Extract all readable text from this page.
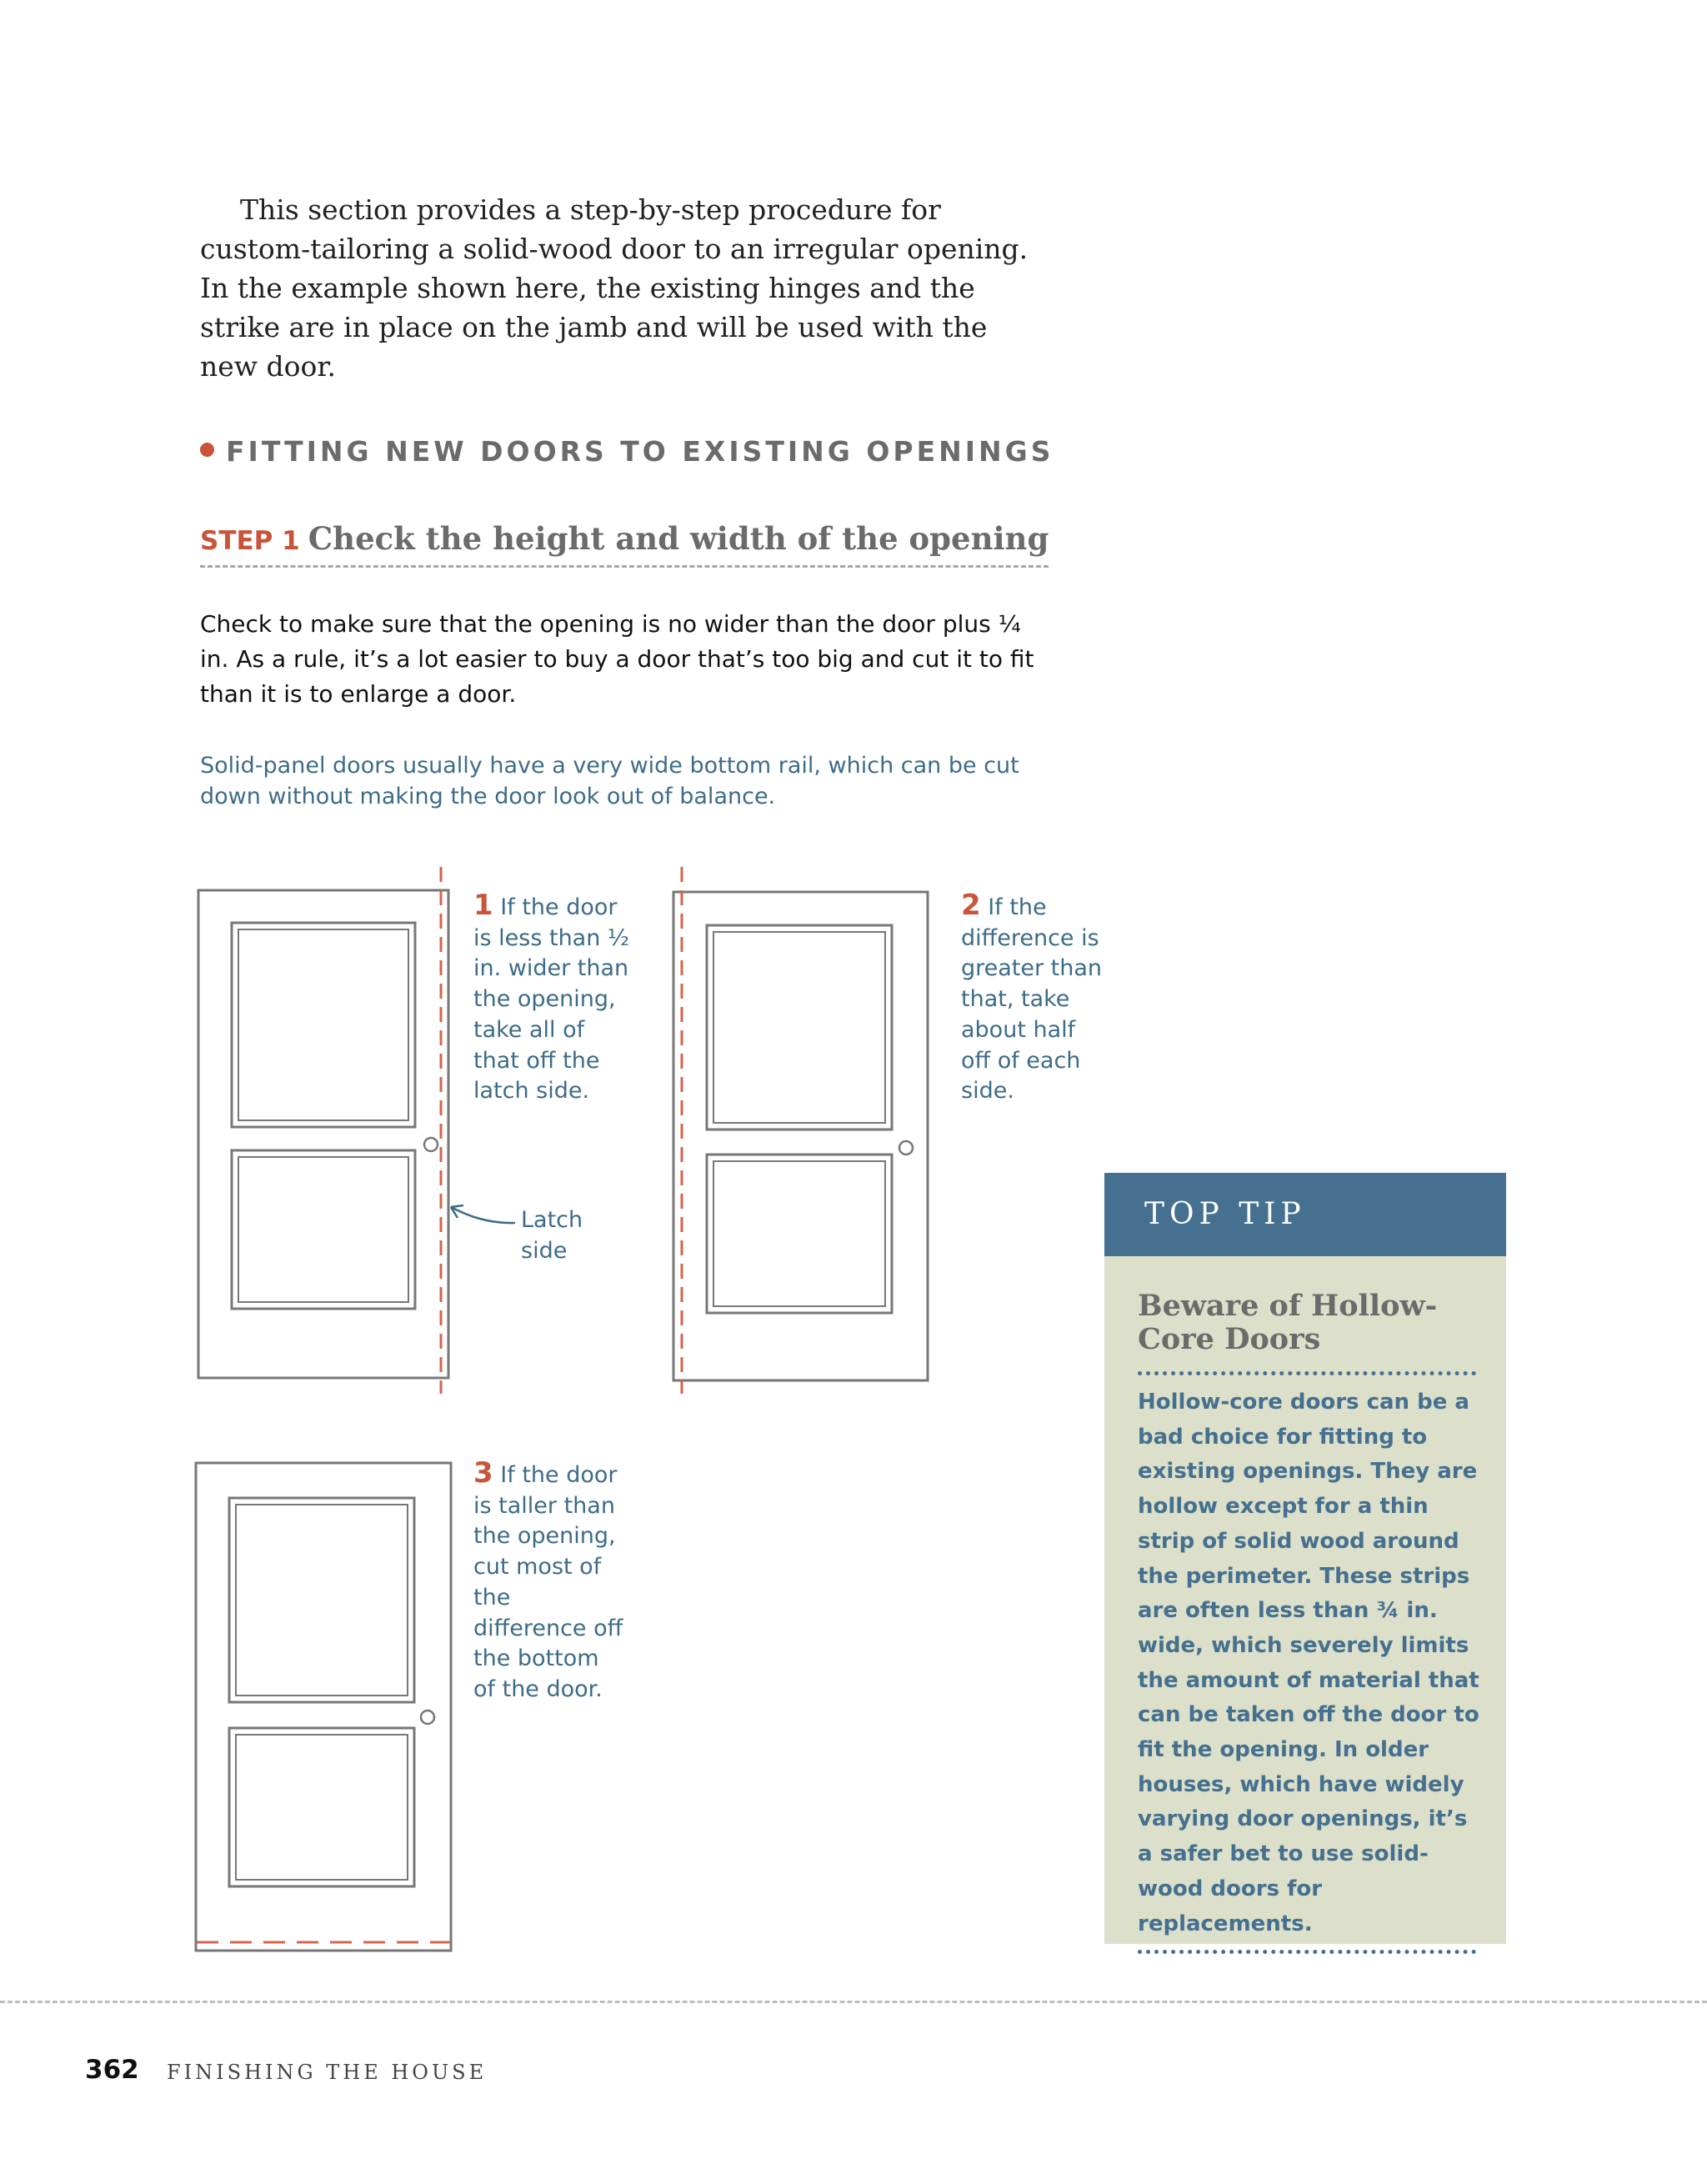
This section provides a step-by-step procedure for custom-tailoring a solid-wood door to an irregular opening. In the example shown here, the existing hinges and the strike are in place on the jamb and will be used with the new door.

FITTING NEW DOORS TO EXISTING OPENINGS
STEP 1 Check the height and width of the opening

Check to make sure that the opening is no wider than the door plus ¼ in. As a rule, it’s a lot easier to buy a door that’s too big and cut it to fit than it is to enlarge a door.

Solid-panel doors usually have a very wide bottom rail, which can be cut down without making the door look out of balance.

1 If the door is less than ½ in. wider than the opening, take all of that off the latch side.

Latch side

2 If the difference is greater than that, take about half off of each side.

3 If the door is taller than the opening, cut most of the difference off the bottom of the door.

TOP TIP
Beware of Hollow-Core Doors

Hollow-core doors can be a bad choice for fitting to existing openings. They are hollow except for a thin strip of solid wood around the perimeter. These strips are often less than ¾ in. wide, which severely limits the amount of material that can be taken off the door to fit the opening. In older houses, which have widely varying door openings, it’s a safer bet to use solid-wood doors for replacements.

362 FINISHING THE HOUSE
